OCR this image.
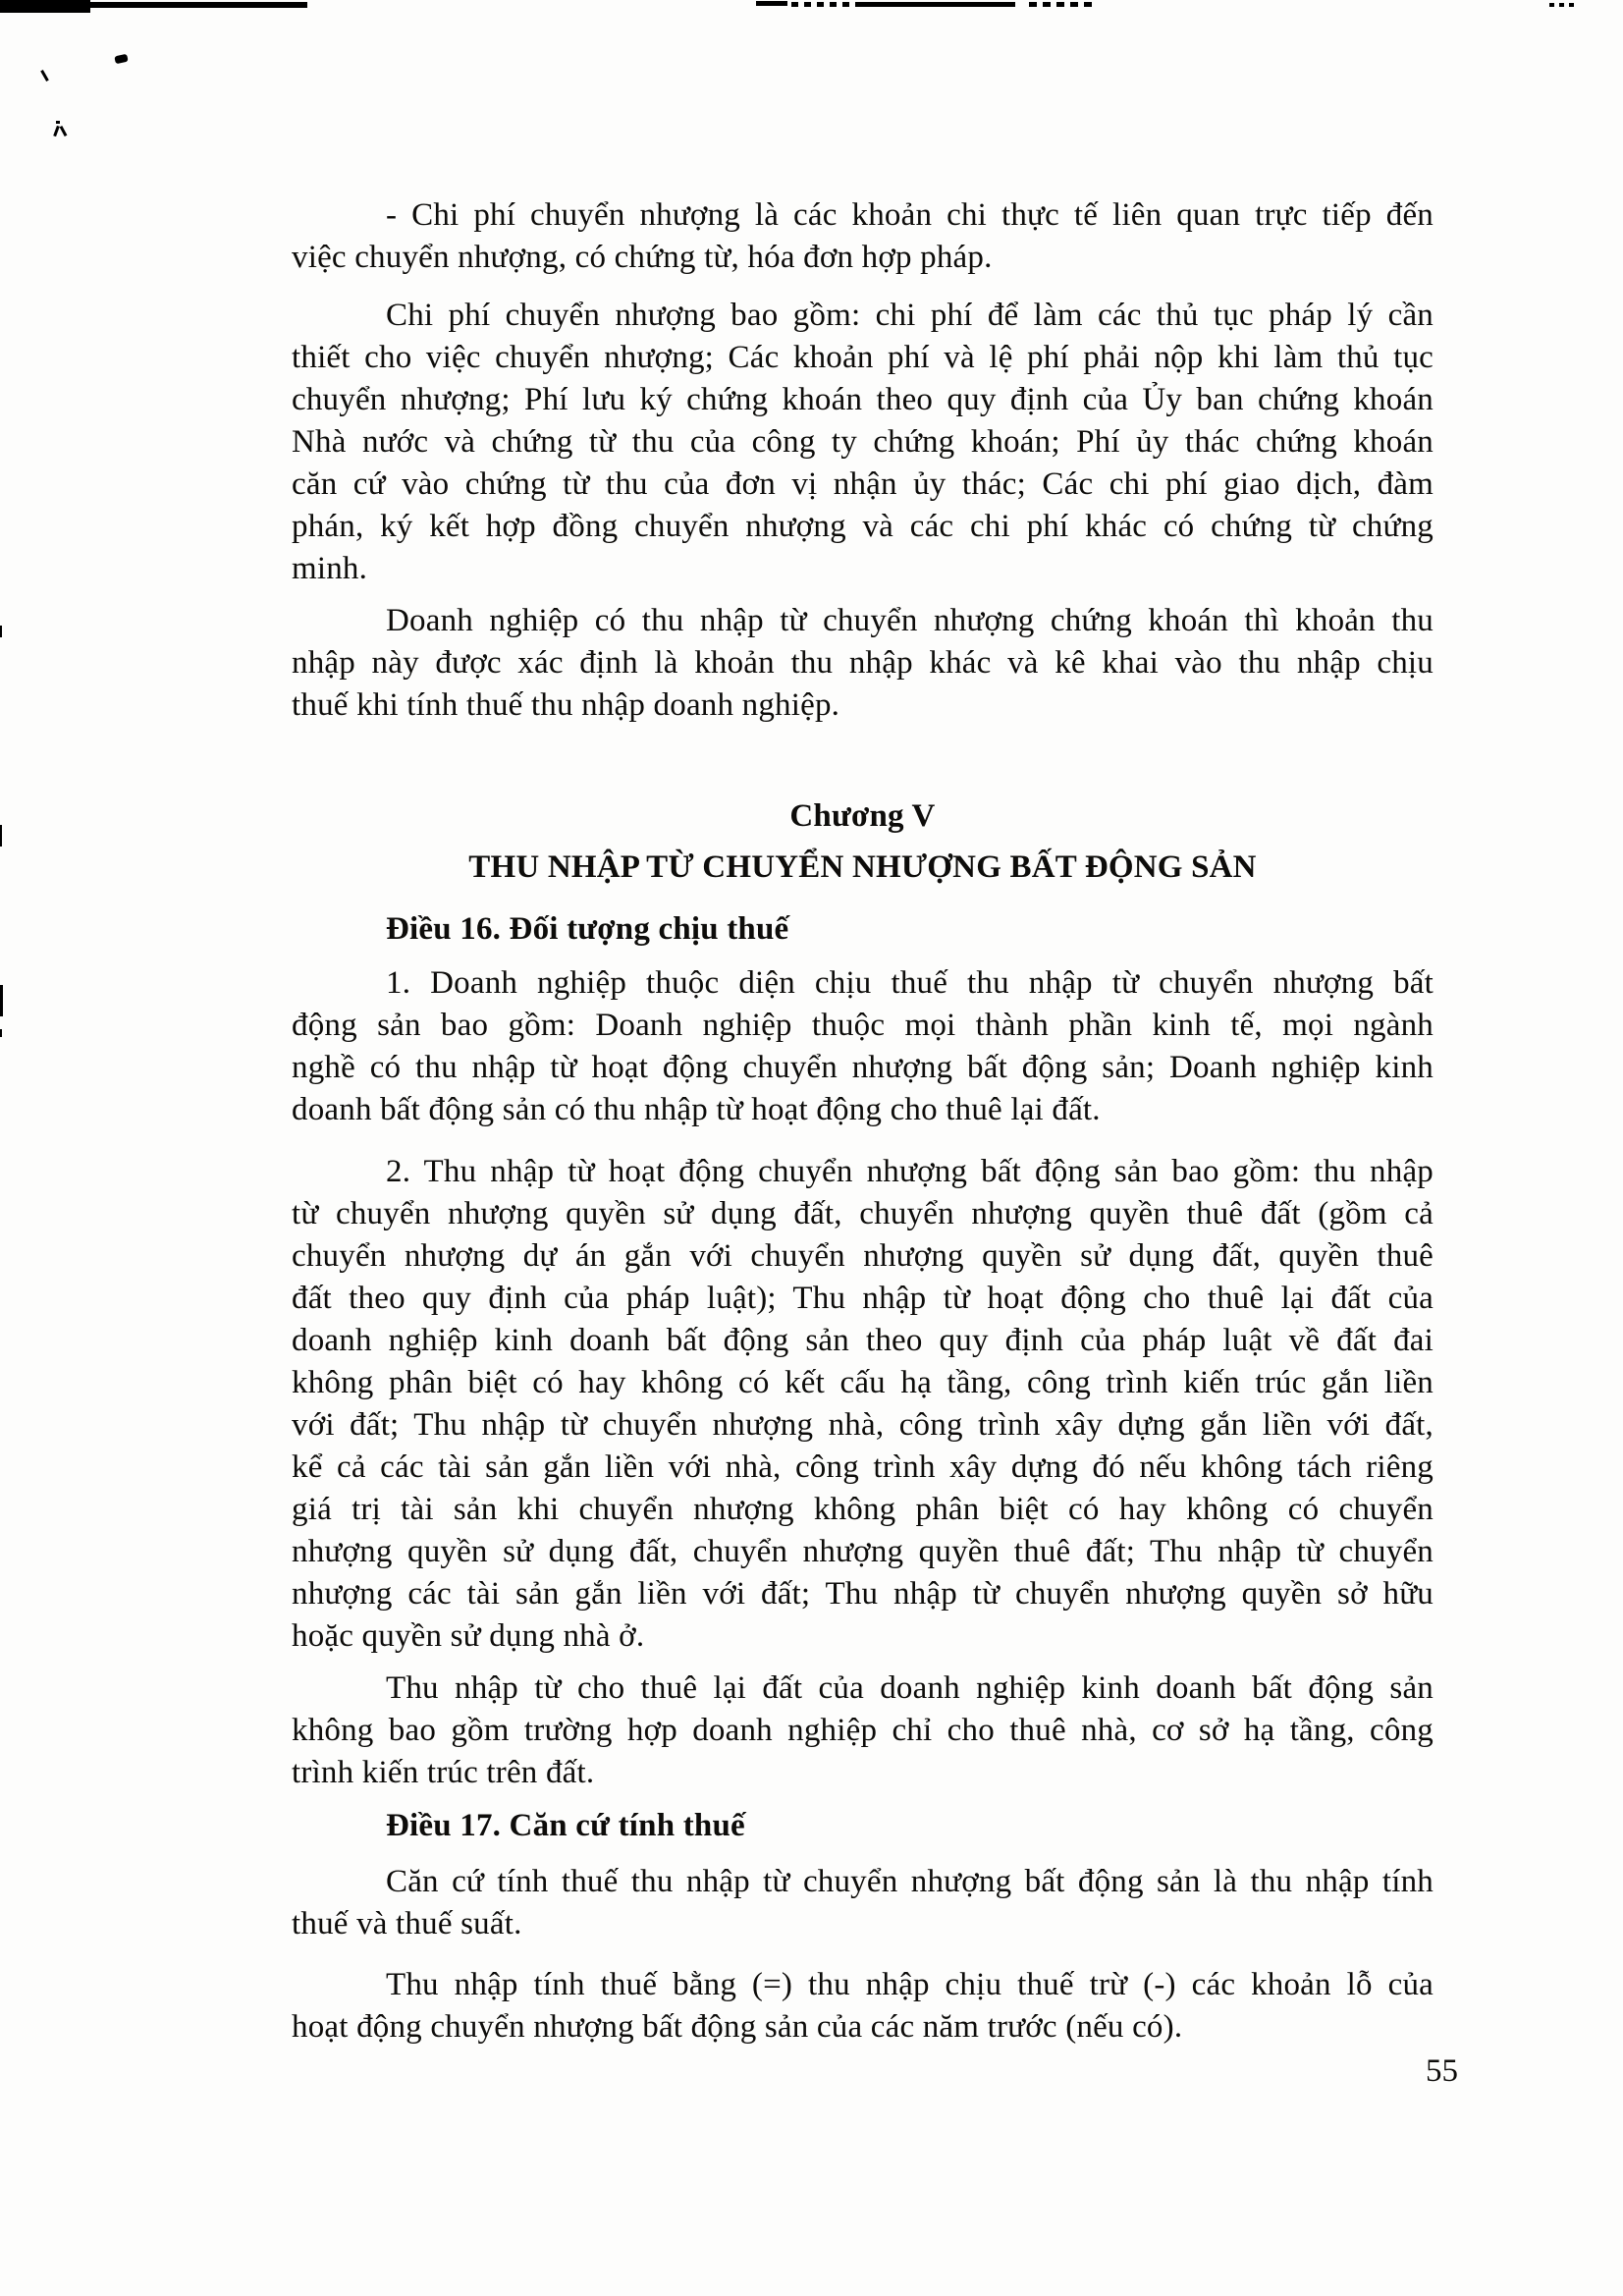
- Chi phí chuyển nhượng là các khoản chi thực tế liên quan trực tiếp đến
việc chuyển nhượng, có chứng từ, hóa đơn hợp pháp.
Chi phí chuyển nhượng bao gồm: chi phí để làm các thủ tục pháp lý cần
thiết cho việc chuyển nhượng; Các khoản phí và lệ phí phải nộp khi làm thủ tục
chuyển nhượng; Phí lưu ký chứng khoán theo quy định của Ủy ban chứng khoán
Nhà nước và chứng từ thu của công ty chứng khoán; Phí ủy thác chứng khoán
căn cứ vào chứng từ thu của đơn vị nhận ủy thác; Các chi phí giao dịch, đàm
phán, ký kết hợp đồng chuyển nhượng và các chi phí khác có chứng từ chứng
minh.
Doanh nghiệp có thu nhập từ chuyển nhượng chứng khoán thì khoản thu
nhập này được xác định là khoản thu nhập khác và kê khai vào thu nhập chịu
thuế khi tính thuế thu nhập doanh nghiệp.
Chương V
THU NHẬP TỪ CHUYỂN NHƯỢNG BẤT ĐỘNG SẢN
Điều 16. Đối tượng chịu thuế
1. Doanh nghiệp thuộc diện chịu thuế thu nhập từ chuyển nhượng bất
động sản bao gồm: Doanh nghiệp thuộc mọi thành phần kinh tế, mọi ngành
nghề có thu nhập từ hoạt động chuyển nhượng bất động sản; Doanh nghiệp kinh
doanh bất động sản có thu nhập từ hoạt động cho thuê lại đất.
2. Thu nhập từ hoạt động chuyển nhượng bất động sản bao gồm: thu nhập
từ chuyển nhượng quyền sử dụng đất, chuyển nhượng quyền thuê đất (gồm cả
chuyển nhượng dự án gắn với chuyển nhượng quyền sử dụng đất, quyền thuê
đất theo quy định của pháp luật); Thu nhập từ hoạt động cho thuê lại đất của
doanh nghiệp kinh doanh bất động sản theo quy định của pháp luật về đất đai
không phân biệt có hay không có kết cấu hạ tầng, công trình kiến trúc gắn liền
với đất; Thu nhập từ chuyển nhượng nhà, công trình xây dựng gắn liền với đất,
kể cả các tài sản gắn liền với nhà, công trình xây dựng đó nếu không tách riêng
giá trị tài sản khi chuyển nhượng không phân biệt có hay không có chuyển
nhượng quyền sử dụng đất, chuyển nhượng quyền thuê đất; Thu nhập từ chuyển
nhượng các tài sản gắn liền với đất; Thu nhập từ chuyển nhượng quyền sở hữu
hoặc quyền sử dụng nhà ở.
Thu nhập từ cho thuê lại đất của doanh nghiệp kinh doanh bất động sản
không bao gồm trường hợp doanh nghiệp chỉ cho thuê nhà, cơ sở hạ tầng, công
trình kiến trúc trên đất.
Điều 17. Căn cứ tính thuế
Căn cứ tính thuế thu nhập từ chuyển nhượng bất động sản là thu nhập tính
thuế và thuế suất.
Thu nhập tính thuế bằng (=) thu nhập chịu thuế trừ (-) các khoản lỗ của
hoạt động chuyển nhượng bất động sản của các năm trước (nếu có).
55
